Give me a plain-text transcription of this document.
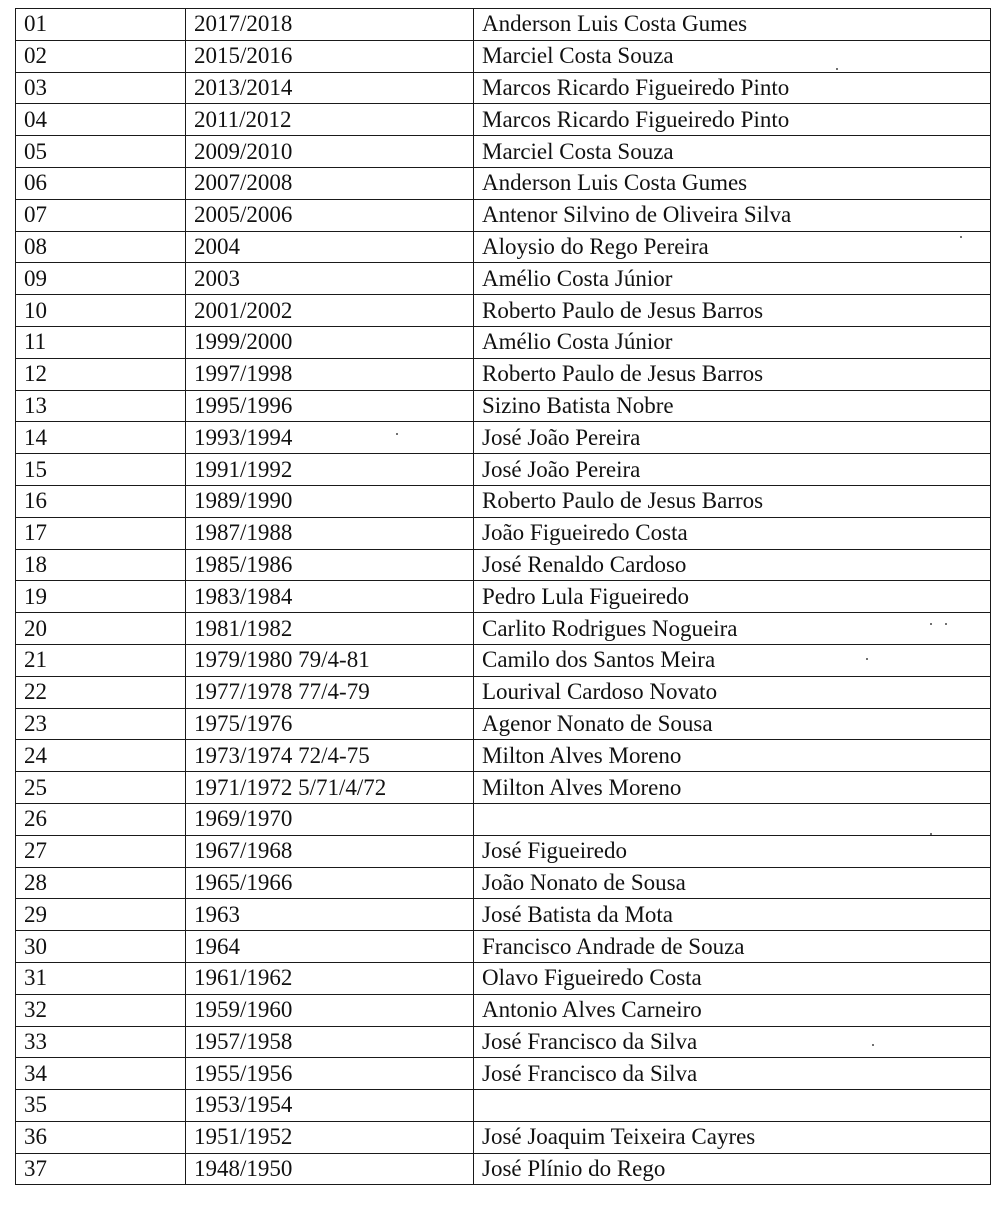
01	2017/2018	Anderson Luis Costa Gumes
02	2015/2016	Marciel Costa Souza
03	2013/2014	Marcos Ricardo Figueiredo Pinto
04	2011/2012	Marcos Ricardo Figueiredo Pinto
05	2009/2010	Marciel Costa Souza
06	2007/2008	Anderson Luis Costa Gumes
07	2005/2006	Antenor Silvino de Oliveira Silva
08	2004	Aloysio do Rego Pereira
09	2003	Amélio Costa Júnior
10	2001/2002	Roberto Paulo de Jesus Barros
11	1999/2000	Amélio Costa Júnior
12	1997/1998	Roberto Paulo de Jesus Barros
13	1995/1996	Sizino Batista Nobre
14	1993/1994	José João Pereira
15	1991/1992	José João Pereira
16	1989/1990	Roberto Paulo de Jesus Barros
17	1987/1988	João Figueiredo Costa
18	1985/1986	José Renaldo Cardoso
19	1983/1984	Pedro Lula Figueiredo
20	1981/1982	Carlito Rodrigues Nogueira
21	1979/1980 79/4-81	Camilo dos Santos Meira
22	1977/1978 77/4-79	Lourival Cardoso Novato
23	1975/1976	Agenor Nonato de Sousa
24	1973/1974 72/4-75	Milton Alves Moreno
25	1971/1972 5/71/4/72	Milton Alves Moreno
26	1969/1970	
27	1967/1968	José Figueiredo
28	1965/1966	João Nonato de Sousa
29	1963	José Batista da Mota
30	1964	Francisco Andrade de Souza
31	1961/1962	Olavo Figueiredo Costa
32	1959/1960	Antonio Alves Carneiro
33	1957/1958	José Francisco da Silva
34	1955/1956	José Francisco da Silva
35	1953/1954	
36	1951/1952	José Joaquim Teixeira Cayres
37	1948/1950	José Plínio do Rego
